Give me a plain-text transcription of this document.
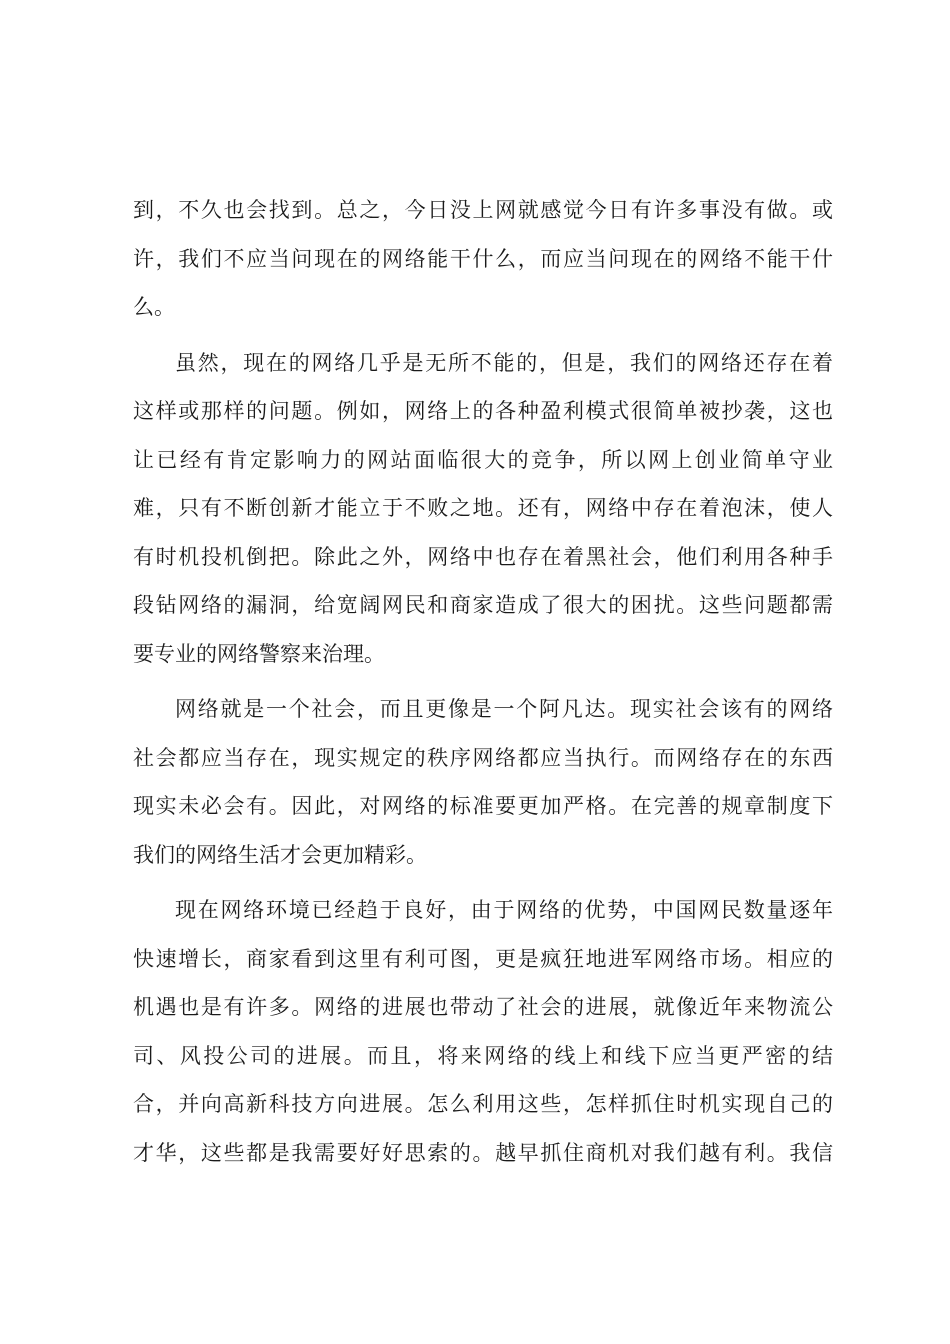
到，不久也会找到。总之，今日没上网就感觉今日有许多事没有做。或
许，我们不应当问现在的网络能干什么，而应当问现在的网络不能干什
么。
虽然，现在的网络几乎是无所不能的，但是，我们的网络还存在着
这样或那样的问题。例如，网络上的各种盈利模式很简单被抄袭，这也
让已经有肯定影响力的网站面临很大的竞争，所以网上创业简单守业
难，只有不断创新才能立于不败之地。还有，网络中存在着泡沫，使人
有时机投机倒把。除此之外，网络中也存在着黑社会，他们利用各种手
段钻网络的漏洞，给宽阔网民和商家造成了很大的困扰。这些问题都需
要专业的网络警察来治理。
网络就是一个社会，而且更像是一个阿凡达。现实社会该有的网络
社会都应当存在，现实规定的秩序网络都应当执行。而网络存在的东西
现实未必会有。因此，对网络的标准要更加严格。在完善的规章制度下
我们的网络生活才会更加精彩。
现在网络环境已经趋于良好，由于网络的优势，中国网民数量逐年
快速增长，商家看到这里有利可图，更是疯狂地进军网络市场。相应的
机遇也是有许多。网络的进展也带动了社会的进展，就像近年来物流公
司、风投公司的进展。而且，将来网络的线上和线下应当更严密的结
合，并向高新科技方向进展。怎么利用这些，怎样抓住时机实现自己的
才华，这些都是我需要好好思索的。越早抓住商机对我们越有利。我信
